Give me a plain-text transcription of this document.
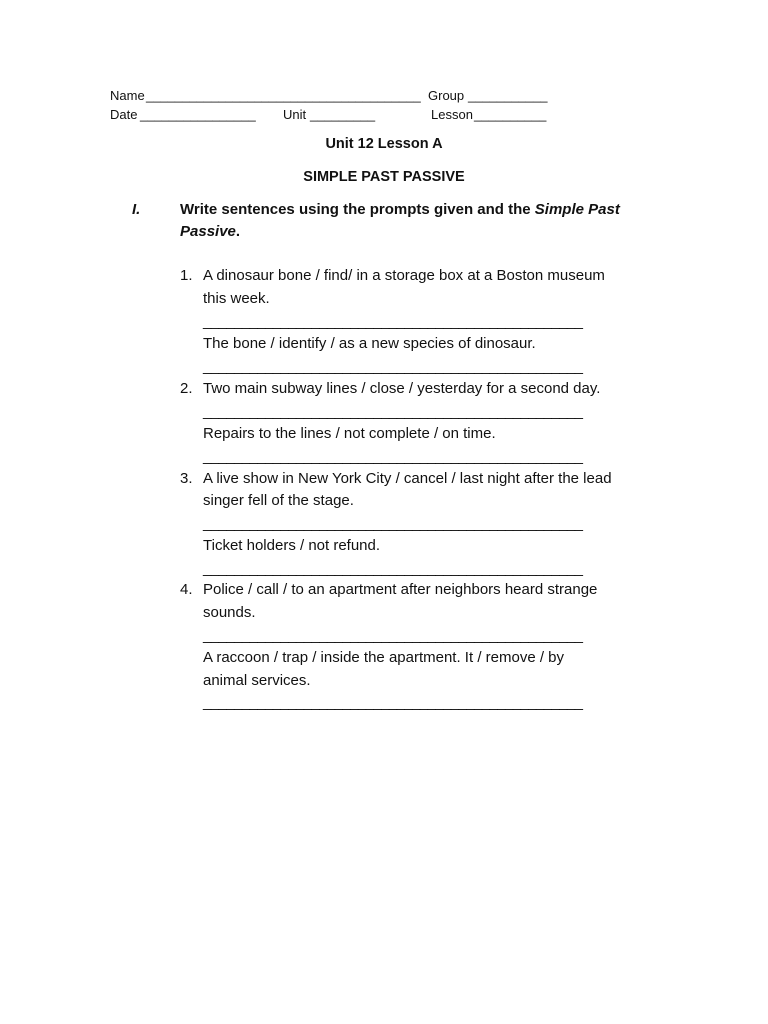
Name ______________________________________ Group ___________
Date ________________ Unit _________	Lesson __________
Unit 12 Lesson A
SIMPLE PAST PASSIVE
I.	Write sentences using the prompts given and the Simple Past
Passive.
1. A dinosaur bone / find/ in a storage box at a Boston museum
this week.
_________________________________________________
The bone / identify / as a new species of dinosaur.
_________________________________________________
2. Two main subway lines / close / yesterday for a second day.
_________________________________________________
Repairs to the lines / not complete / on time.
_________________________________________________
3. A live show in New York City / cancel / last night after the lead
singer fell of the stage.
_________________________________________________
Ticket holders / not refund.
_________________________________________________
4. Police / call / to an apartment after neighbors heard strange
sounds.
_________________________________________________
A raccoon / trap / inside the apartment. It / remove / by
animal services.
_________________________________________________
